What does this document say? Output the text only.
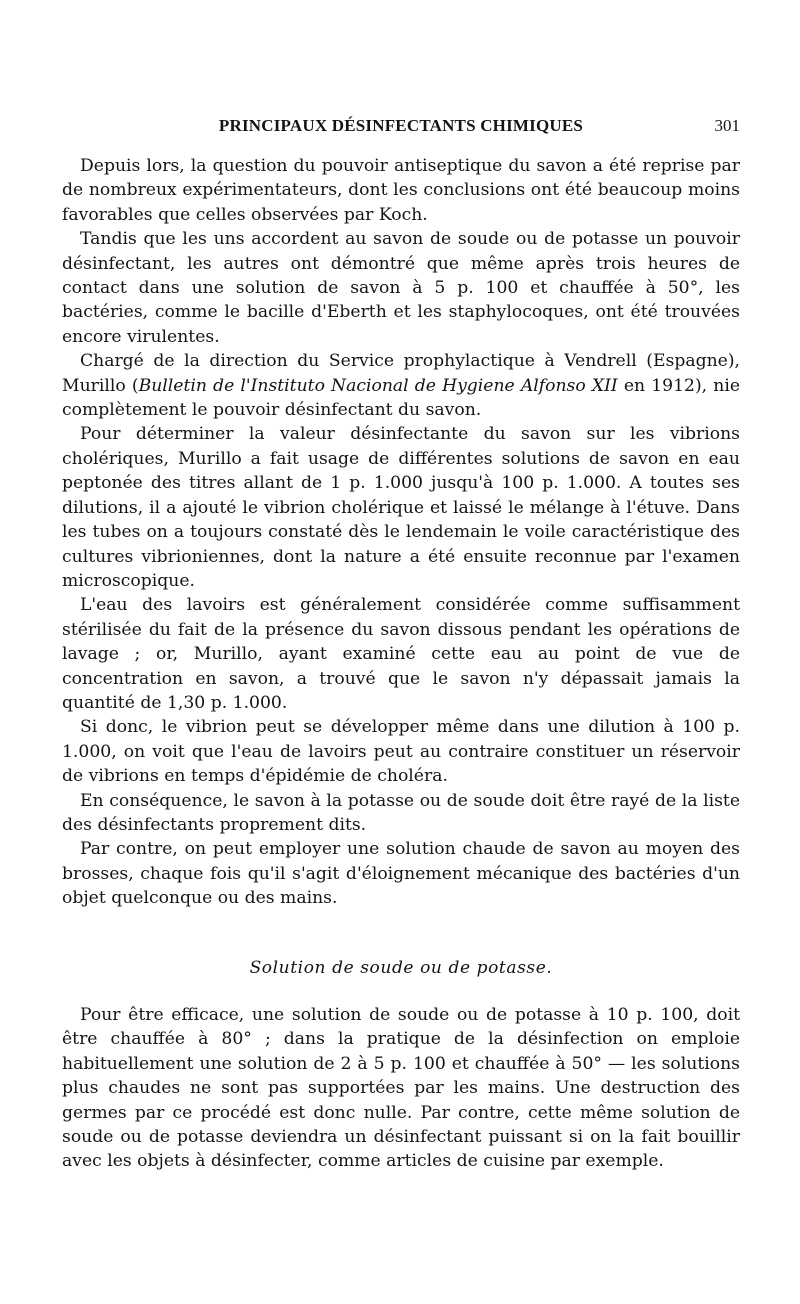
PRINCIPAUX DÉSINFECTANTS CHIMIQUES	301

Depuis lors, la question du pouvoir antiseptique du savon a été reprise par de nombreux expérimentateurs, dont les conclusions ont été beaucoup moins favorables que celles observées par Koch.

Tandis que les uns accordent au savon de soude ou de potasse un pouvoir désinfectant, les autres ont démontré que même après trois heures de contact dans une solution de savon à 5 p. 100 et chauffée à 50°, les bactéries, comme le bacille d'Eberth et les staphylocoques, ont été trouvées encore virulentes.

Chargé de la direction du Service prophylactique à Vendrell (Espagne), Murillo (Bulletin de l'Instituto Nacional de Hygiene Alfonso XII en 1912), nie complètement le pouvoir désinfectant du savon.

Pour déterminer la valeur désinfectante du savon sur les vibrions cholériques, Murillo a fait usage de différentes solutions de savon en eau peptonée des titres allant de 1 p. 1.000 jusqu'à 100 p. 1.000. A toutes ses dilutions, il a ajouté le vibrion cholérique et laissé le mélange à l'étuve. Dans les tubes on a toujours constaté dès le lendemain le voile caractéristique des cultures vibrioniennes, dont la nature a été ensuite reconnue par l'examen microscopique.

L'eau des lavoirs est généralement considérée comme suffisamment stérilisée du fait de la présence du savon dissous pendant les opérations de lavage ; or, Murillo, ayant examiné cette eau au point de vue de concentration en savon, a trouvé que le savon n'y dépassait jamais la quantité de 1,30 p. 1.000.

Si donc, le vibrion peut se développer même dans une dilution à 100 p. 1.000, on voit que l'eau de lavoirs peut au contraire constituer un réservoir de vibrions en temps d'épidémie de choléra.

En conséquence, le savon à la potasse ou de soude doit être rayé de la liste des désinfectants proprement dits.

Par contre, on peut employer une solution chaude de savon au moyen des brosses, chaque fois qu'il s'agit d'éloignement mécanique des bactéries d'un objet quelconque ou des mains.

Solution de soude ou de potasse.

Pour être efficace, une solution de soude ou de potasse à 10 p. 100, doit être chauffée à 80° ; dans la pratique de la désinfection on emploie habituellement une solution de 2 à 5 p. 100 et chauffée à 50° — les solutions plus chaudes ne sont pas supportées par les mains. Une destruction des germes par ce procédé est donc nulle. Par contre, cette même solution de soude ou de potasse deviendra un désinfectant puissant si on la fait bouillir avec les objets à désinfecter, comme articles de cuisine par exemple.
